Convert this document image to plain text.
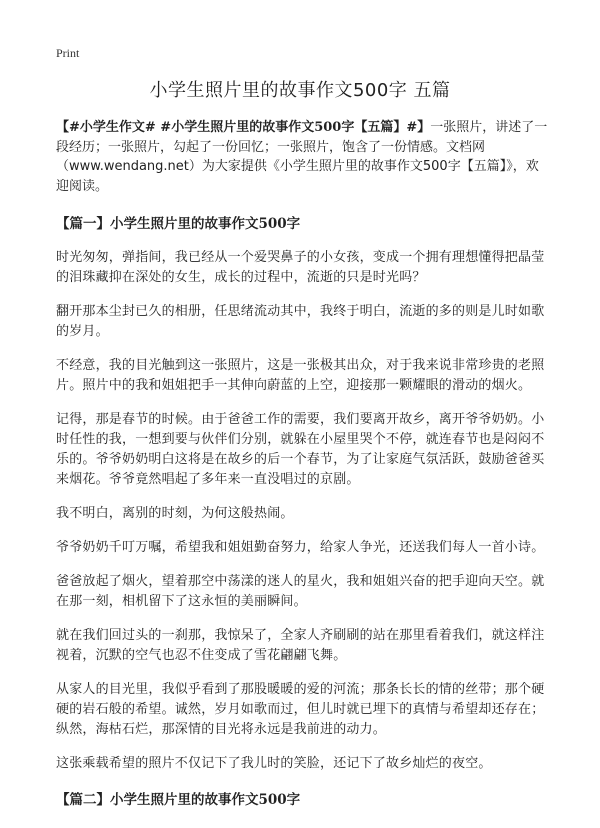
Print
小学生照片里的故事作文500字 五篇

【#小学生作文# #小学生照片里的故事作文500字【五篇】#】一张照片，讲述了一段经历；一张照片，勾起了一份回忆；一张照片，饱含了一份情感。文档网（www.wendang.net）为大家提供《小学生照片里的故事作文500字【五篇】》，欢迎阅读。

【篇一】小学生照片里的故事作文500字

时光匆匆，弹指间，我已经从一个爱哭鼻子的小女孩，变成一个拥有理想懂得把晶莹的泪珠藏抑在深处的女生，成长的过程中，流逝的只是时光吗？

翻开那本尘封已久的相册，任思绪流动其中，我终于明白，流逝的多的则是儿时如歌的岁月。

不经意，我的目光触到这一张照片，这是一张极其出众，对于我来说非常珍贵的老照片。照片中的我和姐姐把手一其伸向蔚蓝的上空，迎接那一颗耀眼的滑动的烟火。

记得，那是春节的时候。由于爸爸工作的需要，我们要离开故乡，离开爷爷奶奶。小时任性的我，一想到要与伙伴们分别，就躲在小屋里哭个不停，就连春节也是闷闷不乐的。爷爷奶奶明白这将是在故乡的后一个春节，为了让家庭气氛活跃，鼓励爸爸买来烟花。爷爷竟然唱起了多年来一直没唱过的京剧。

我不明白，离别的时刻，为何这般热闹。

爷爷奶奶千叮万嘱，希望我和姐姐勤奋努力，给家人争光，还送我们每人一首小诗。

爸爸放起了烟火，望着那空中荡漾的迷人的星火，我和姐姐兴奋的把手迎向天空。就在那一刻，相机留下了这永恒的美丽瞬间。

就在我们回过头的一刹那，我惊呆了，全家人齐刷刷的站在那里看着我们，就这样注视着，沉默的空气也忍不住变成了雪花翩翩飞舞。

从家人的目光里，我似乎看到了那股暖暖的爱的河流；那条长长的情的丝带；那个硬硬的岩石般的希望。诚然，岁月如歌而过，但儿时就已埋下的真情与希望却还存在；纵然，海枯石烂，那深情的目光将永远是我前进的动力。

这张乘载希望的照片不仅记下了我儿时的笑脸，还记下了故乡灿烂的夜空。

【篇二】小学生照片里的故事作文500字
